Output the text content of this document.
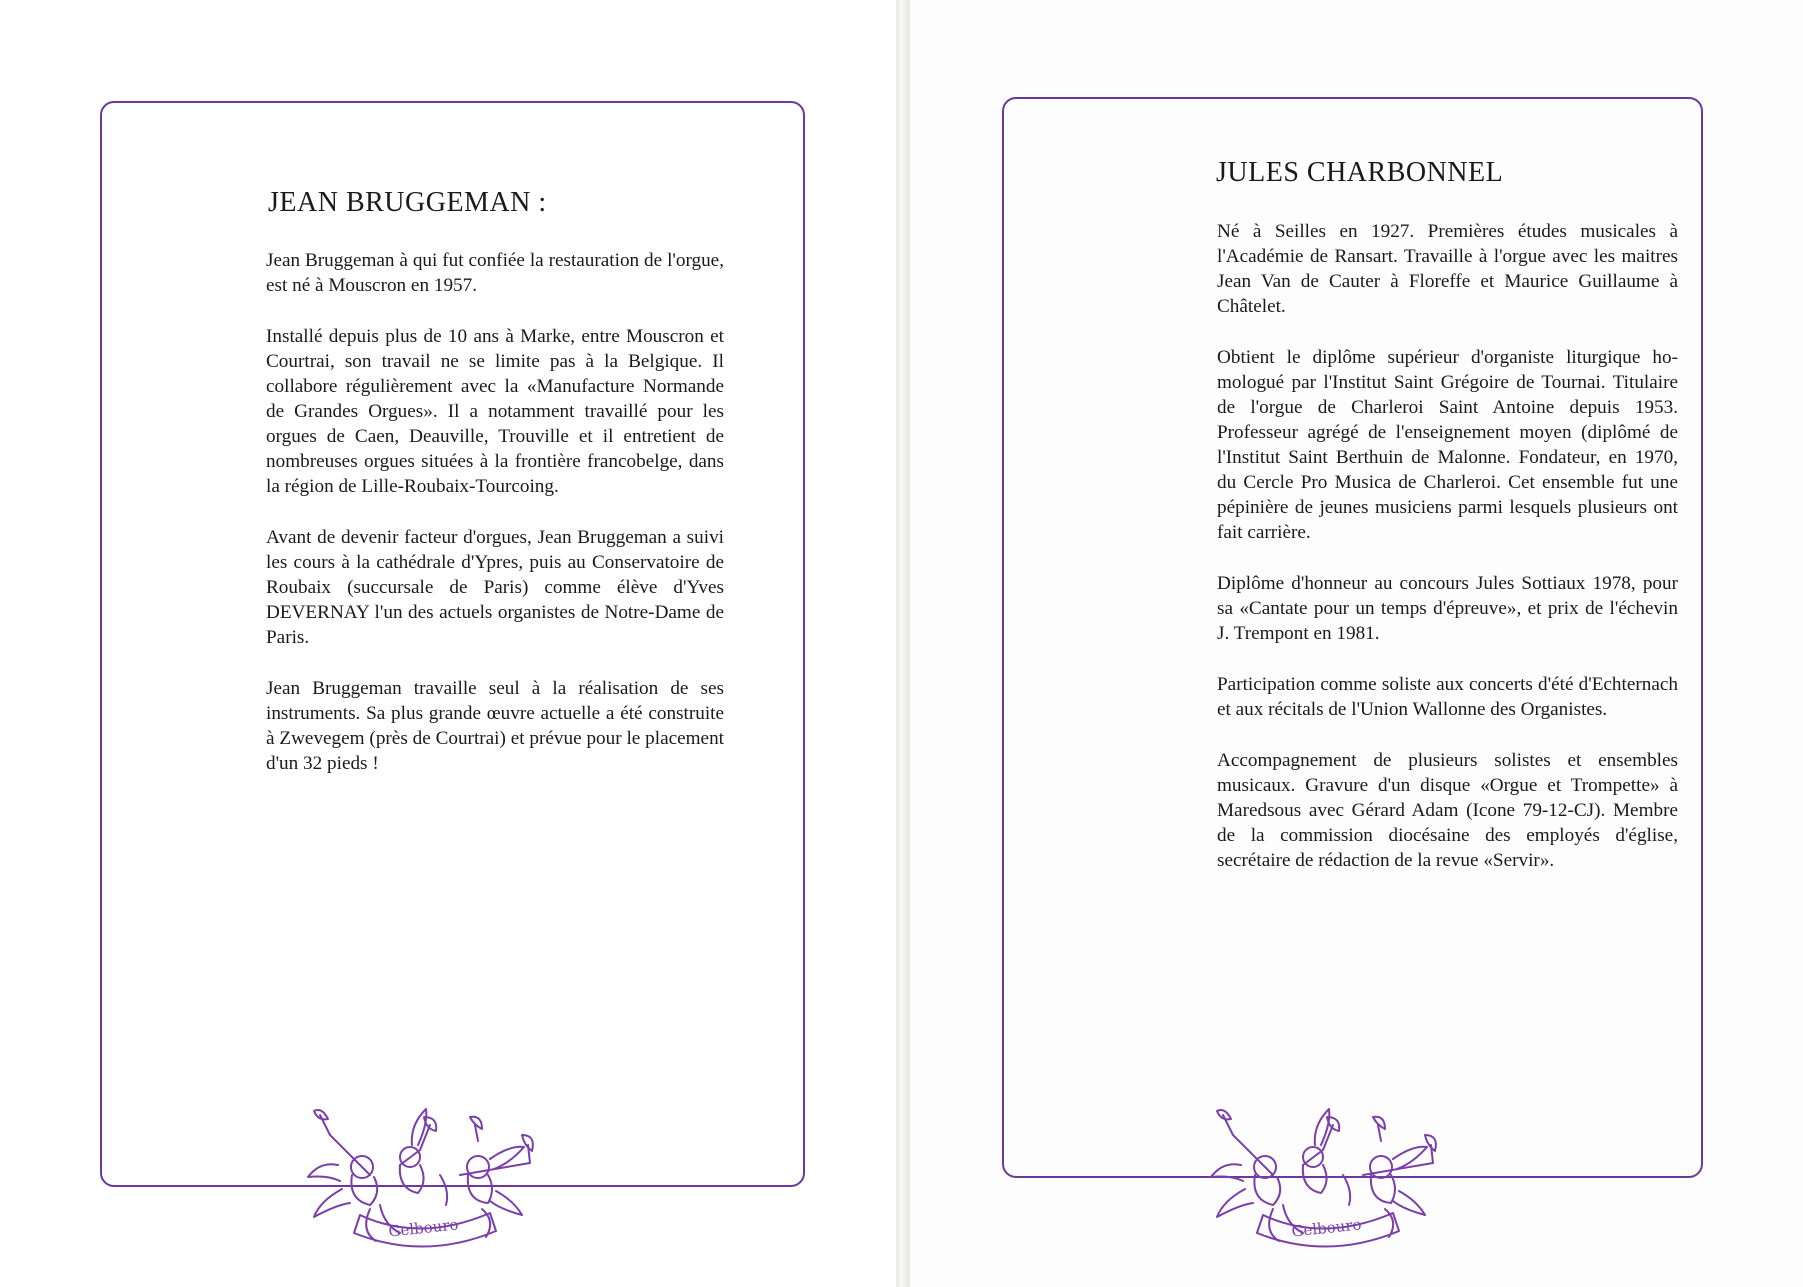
JEAN BRUGGEMAN :

Jean Bruggeman à qui fut confiée la restauration de l'orgue, est né à Mouscron en 1957.

Installé depuis plus de 10 ans à Marke, entre Mouscron et Courtrai, son travail ne se limite pas à la Belgique. Il collabore régulièrement avec la «Manufacture Normande de Grandes Orgues». Il a notamment travaillé pour les orgues de Caen, Deauville, Trouville et il entretient de nombreuses orgues situées à la frontière francobelge, dans la région de Lille-Roubaix-Tourcoing.

Avant de devenir facteur d'orgues, Jean Bruggeman a suivi les cours à la cathédrale d'Ypres, puis au Conservatoire de Roubaix (succursale de Paris) comme élève d'Yves DEVERNAY l'un des actuels organistes de Notre-Dame de Paris.

Jean Bruggeman travaille seul à la réalisation de ses instruments. Sa plus grande œuvre actuelle a été construite à Zwevegem (près de Courtrai) et prévue pour le placement d'un 32 pieds !

Gelbouro
JULES CHARBONNEL

Né à Seilles en 1927. Premières études musicales à l'Académie de Ransart. Travaille à l'orgue avec les maitres Jean Van de Cauter à Floreffe et Maurice Guillaume à Châtelet.

Obtient le diplôme supérieur d'organiste liturgique homologué par l'Institut Saint Grégoire de Tournai. Titulaire de l'orgue de Charleroi Saint Antoine depuis 1953. Professeur agrégé de l'enseignement moyen (diplômé de l'Institut Saint Berthuin de Malonne. Fondateur, en 1970, du Cercle Pro Musica de Charleroi. Cet ensemble fut une pépinière de jeunes musiciens parmi lesquels plusieurs ont fait carrière.

Diplôme d'honneur au concours Jules Sottiaux 1978, pour sa «Cantate pour un temps d'épreuve», et prix de l'échevin J. Trempont en 1981.

Participation comme soliste aux concerts d'été d'Echternach et aux récitals de l'Union Wallonne des Organistes.

Accompagnement de plusieurs solistes et ensembles musicaux. Gravure d'un disque «Orgue et Trompette» à Maredsous avec Gérard Adam (Icone 79-12-CJ). Membre de la commission diocésaine des employés d'église, secrétaire de rédaction de la revue «Servir».

Gelbouro
